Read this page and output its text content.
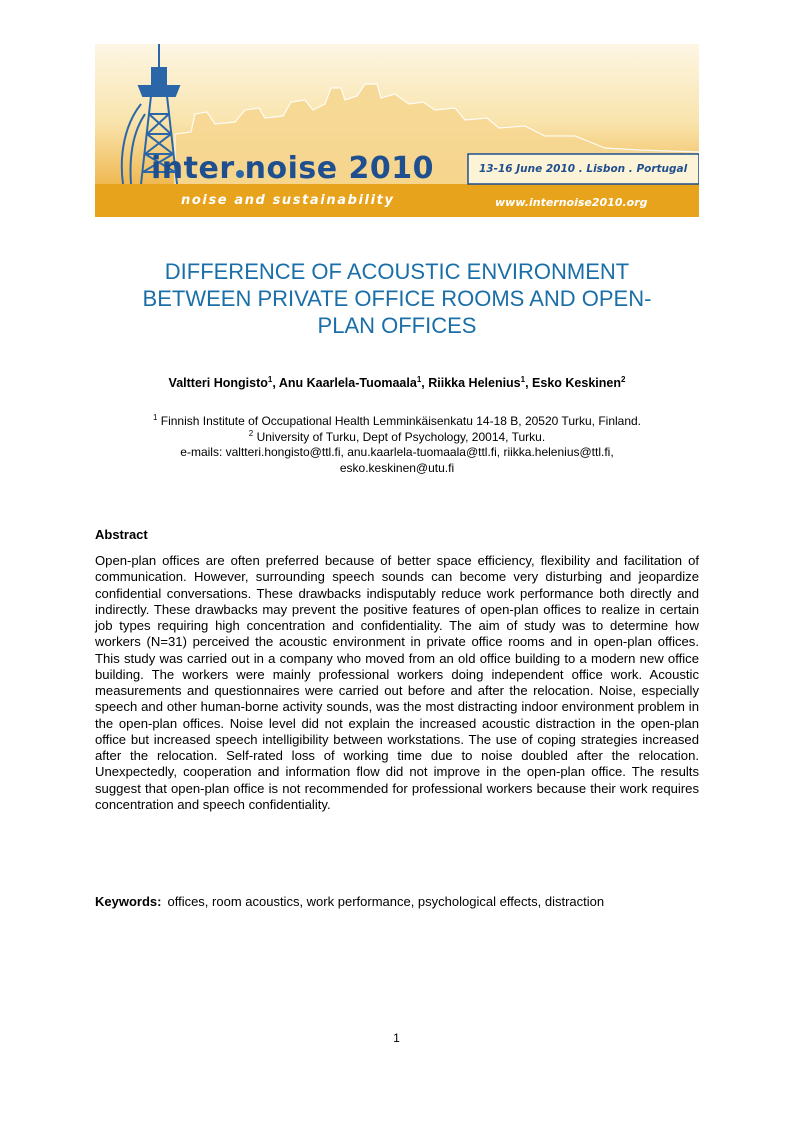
inter noise 2010	13-16 June 2010 . Lisbon . Portugal
noise and sustainability	www.internoise2010.org
DIFFERENCE OF ACOUSTIC ENVIRONMENT
BETWEEN PRIVATE OFFICE ROOMS AND OPEN-
PLAN OFFICES

Valtteri Hongisto$^1$, Anu Kaarlela-Tuomaala$^1$, Riikka Helenius$^1$, Esko Keskinen$^2$

$^1$ Finnish Institute of Occupational Health Lemminkäisenkatu 14-18 B, 20520 Turku, Finland.
$^2$ University of Turku, Dept of Psychology, 20014, Turku.
e-mails: valtteri.hongisto@ttl.fi, anu.kaarlela-tuomaala@ttl.fi, riikka.helenius@ttl.fi,
esko.keskinen@utu.fi

Abstract

Open-plan offices are often preferred because of better space efficiency, flexibility and facilitation of communication. However, surrounding speech sounds can become very disturbing and jeopardize confidential conversations. These drawbacks indisputably reduce work performance both directly and indirectly. These drawbacks may prevent the positive features of open-plan offices to realize in certain job types requiring high concentration and confidentiality. The aim of study was to determine how workers (N=31) perceived the acoustic environment in private office rooms and in open-plan offices. This study was carried out in a company who moved from an old office building to a modern new office building. The workers were mainly professional workers doing independent office work. Acoustic measurements and questionnaires were carried out before and after the relocation. Noise, especially speech and other human-borne activity sounds, was the most distracting indoor environment problem in the open-plan offices. Noise level did not explain the increased acoustic distraction in the open-plan office but increased speech intelligibility between workstations. The use of coping strategies increased after the relocation. Self-rated loss of working time due to noise doubled after the relocation. Unexpectedly, cooperation and information flow did not improve in the open-plan office. The results suggest that open-plan office is not recommended for professional workers because their work requires concentration and speech confidentiality.

Keywords: offices, room acoustics, work performance, psychological effects, distraction

1
